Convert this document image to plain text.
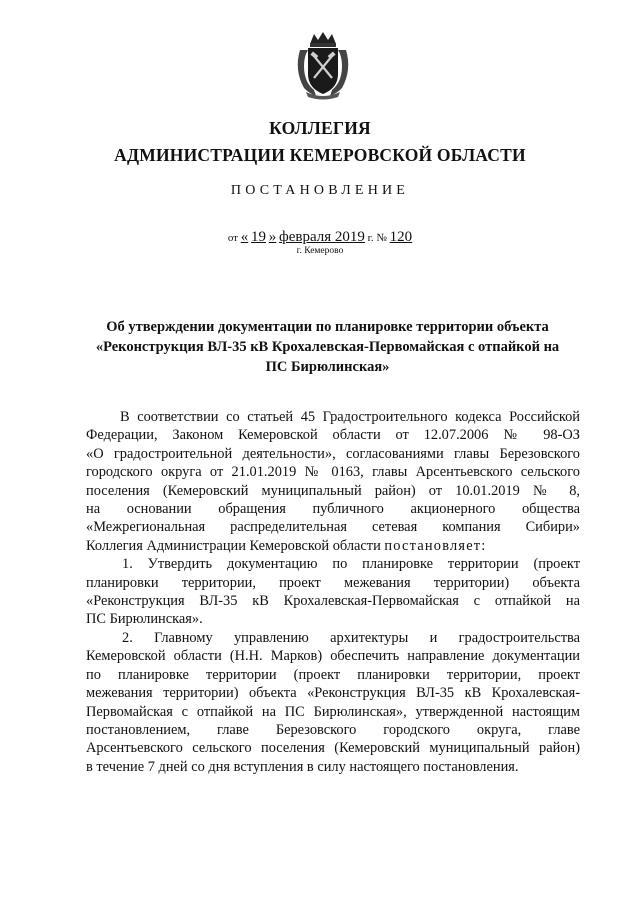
КОЛЛЕГИЯ
АДМИНИСТРАЦИИ КЕМЕРОВСКОЙ ОБЛАСТИ
ПОСТАНОВЛЕНИЕ
от « 19 » февраля 2019 г. № 120
г. Кемерово
Об утверждении документации по планировке территории объекта
«Реконструкция ВЛ-35 кВ Крохалевская-Первомайская с отпайкой на
ПС Бирюлинская»
В соответствии со статьей 45 Градостроительного кодекса Российской
Федерации, Законом Кемеровской области от 12.07.2006 № 98-ОЗ
«О градостроительной деятельности», согласованиями главы Березовского
городского округа от 21.01.2019 № 0163, главы Арсентьевского сельского
поселения (Кемеровский муниципальный район) от 10.01.2019 № 8,
на основании обращения публичного акционерного общества
«Межрегиональная распределительная сетевая компания Сибири»
Коллегия Администрации Кемеровской области постановляет:
1. Утвердить документацию по планировке территории (проект
планировки территории, проект межевания территории) объекта
«Реконструкция ВЛ-35 кВ Крохалевская-Первомайская с отпайкой на
ПС Бирюлинская».
2. Главному управлению архитектуры и градостроительства
Кемеровской области (Н.Н. Марков) обеспечить направление документации
по планировке территории (проект планировки территории, проект
межевания территории) объекта «Реконструкция ВЛ-35 кВ Крохалевская-
Первомайская с отпайкой на ПС Бирюлинская», утвержденной настоящим
постановлением, главе Березовского городского округа, главе
Арсентьевского сельского поселения (Кемеровский муниципальный район)
в течение 7 дней со дня вступления в силу настоящего постановления.
